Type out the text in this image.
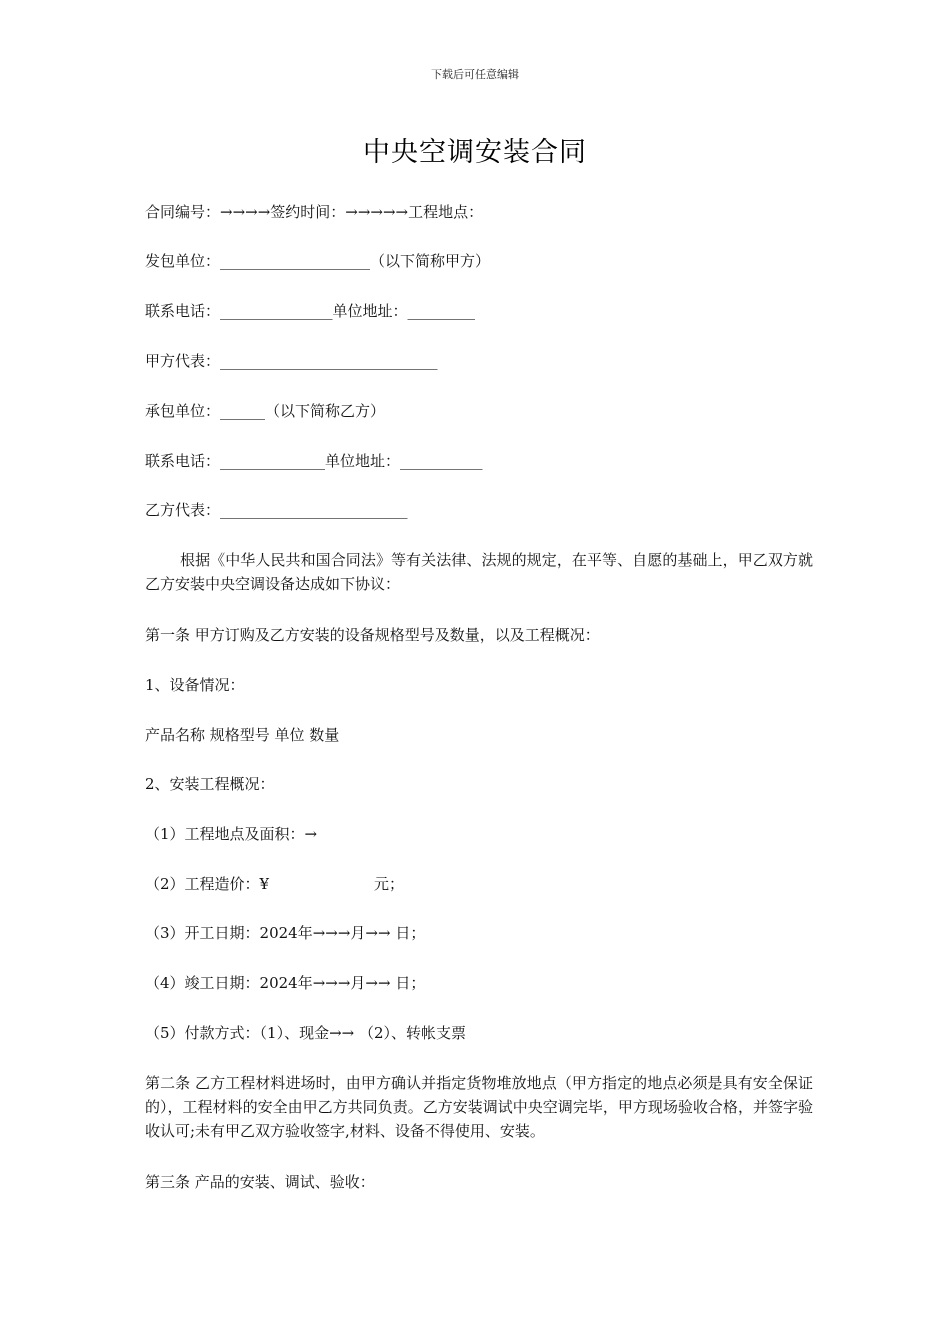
下载后可任意编辑
中央空调安装合同
合同编号：→→→→签约时间：→→→→→工程地点：
发包单位：____________________（以下简称甲方）
联系电话：_______________单位地址：_________
甲方代表：_____________________________
承包单位：______（以下简称乙方）
联系电话：______________单位地址：___________
乙方代表：_________________________
根据《中华人民共和国合同法》等有关法律、法规的规定，在平等、自愿的基础上，甲乙双方就乙方安装中央空调设备达成如下协议：
第一条 甲方订购及乙方安装的设备规格型号及数量，以及工程概况：
1、设备情况：
产品名称 规格型号 单位 数量
2、安装工程概况：
（1）工程地点及面积：→
（2）工程造价：¥                      元；
（3）开工日期：2024年→→→月→→ 日；
（4）竣工日期：2024年→→→月→→ 日；
（5）付款方式：（1）、现金→→ （2）、转帐支票
第二条 乙方工程材料进场时，由甲方确认并指定货物堆放地点（甲方指定的地点必须是具有安全保证的），工程材料的安全由甲乙方共同负责。乙方安装调试中央空调完毕，甲方现场验收合格，并签字验收认可;未有甲乙双方验收签字,材料、设备不得使用、安装。
第三条 产品的安装、调试、验收：
